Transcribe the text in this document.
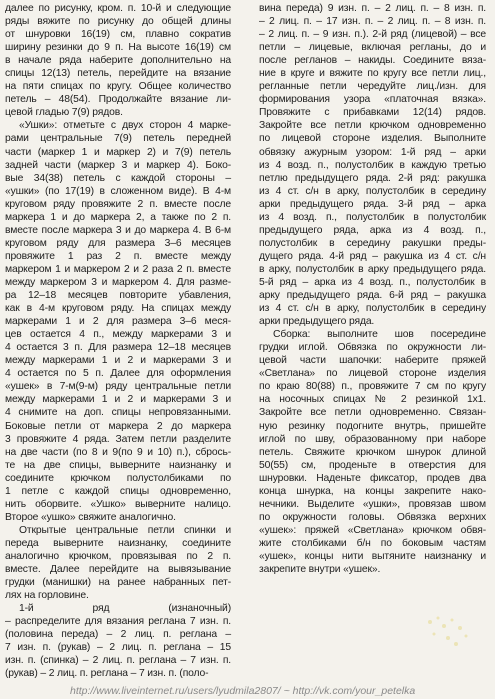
далее по рисунку, кром. п. 10-й и следующие
ряды вяжите по рисунку до общей длины
от шнуровки 16(19) см, плавно сократив
ширину резинки до 9 п. На высоте 16(19) см
в начале ряда наберите дополнительно на
спицы 12(13) петель, перейдите на вязание
на пяти спицах по кругу. Общее количество
петель – 48(54). Продолжайте вязание ли-
цевой гладью 7(9) рядов.
«Ушки»: отметьте с двух сторон 4 марке-
рами центральные 7(9) петель передней
части (маркер 1 и маркер 2) и 7(9) петель
задней части (маркер 3 и маркер 4). Боко-
вые 34(38) петель с каждой стороны –
«ушки» (по 17(19) в сложенном виде). В 4-м
круговом ряду провяжите 2 п. вместе после
маркера 1 и до маркера 2, а также по 2 п.
вместе после маркера 3 и до маркера 4. В 6-м
круговом ряду для размера 3–6 месяцев
провяжите 1 раз 2 п. вместе между
маркером 1 и маркером 2 и 2 раза 2 п. вместе
между маркером 3 и маркером 4. Для разме-
ра 12–18 месяцев повторите убавления,
как в 4-м круговом ряду. На спицах между
маркерами 1 и 2 для размера 3–6 меся-
цев остается 4 п., между маркерами 3 и
4 остается 3 п. Для размера 12–18 месяцев
между маркерами 1 и 2 и маркерами 3 и
4 остается по 5 п. Далее для оформления
«ушек» в 7-м(9-м) ряду центральные петли
между маркерами 1 и 2 и маркерами 3 и
4 снимите на доп. спицы непровязанными.
Боковые петли от маркера 2 до маркера
3 провяжите 4 ряда. Затем петли разделите
на две части (по 8 и 9(по 9 и 10) п.), сбрось-
те на две спицы, выверните наизнанку и
соедините крючком полустолбиками по
1 петле с каждой спицы одновременно,
нить оборвите. «Ушко» выверните налицо.
Второе «ушко» свяжите аналогично.
Открытые центральные петли спинки и
переда выверните наизнанку, соедините
аналогично крючком, провязывая по 2 п.
вместе. Далее перейдите на вывязывание
грудки (манишки) на ранее набранных пет-
лях на горловине.
1-й ряд (изнаночный)
– распределите для вязания реглана 7 изн. п.
(половина переда) – 2 лиц. п. реглана –
7 изн. п. (рукав) – 2 лиц. п. реглана – 15
изн. п. (спинка) – 2 лиц. п. реглана – 7 изн. п.
(рукав) – 2 лиц. п. реглана – 7 изн. п. (поло-
вина переда) 9 изн. п. – 2 лиц. п. – 8 изн. п.
– 2 лиц. п. – 17 изн. п. – 2 лиц. п. – 8 изн. п.
– 2 лиц. п. – 9 изн. п.). 2-й ряд (лицевой) – все
петли – лицевые, включая регланы, до и
после регланов – накиды. Соедините вяза-
ние в круге и вяжите по кругу все петли лиц.,
регланные петли чередуйте лиц./изн. для
формирования узора «платочная вязка».
Провяжите с прибавками 12(14) рядов.
Закройте все петли крючком одновременно
по лицевой стороне изделия. Выполните
обвязку ажурным узором: 1-й ряд – арки
из 4 возд. п., полустолбик в каждую третью
петлю предыдущего ряда. 2-й ряд: ракушка
из 4 ст. с/н в арку, полустолбик в середину
арки предыдущего ряда. 3-й ряд – арка
из 4 возд. п., полустолбик в полустолбик
предыдущего ряда, арка из 4 возд. п.,
полустолбик в середину ракушки преды-
дущего ряда. 4-й ряд – ракушка из 4 ст. с/н
в арку, полустолбик в арку предыдущего ряда.
5-й ряд – арка из 4 возд. п., полустолбик в
арку предыдущего ряда. 6-й ряд – ракушка
из 4 ст. с/н в арку, полустолбик в середину
арки предыдущего ряда.
Сборка: выполните шов посередине
грудки иглой. Обвязка по окружности ли-
цевой части шапочки: наберите пряжей
«Светлана» по лицевой стороне изделия
по краю 80(88) п., провяжите 7 см по кругу
на носочных спицах № 2 резинкой 1х1.
Закройте все петли одновременно. Связан-
ную резинку подогните внутрь, пришейте
иглой по шву, образованному при наборе
петель. Свяжите крючком шнурок длиной
50(55) см, проденьте в отверстия для
шнуровки. Наденьте фиксатор, продев два
конца шнурка, на концы закрепите нако-
нечники. Выделите «ушки», провязав швом
по окружности головы. Обвязка верхних
«ушек»: пряжей «Светлана» крючком обвя-
жите столбиками б/н по боковым частям
«ушек», концы нити вытяните наизнанку и
закрепите внутри «ушек».
http://www.liveinternet.ru/users/lyudmila2807/ ~ http://vk.com/your_petelka
